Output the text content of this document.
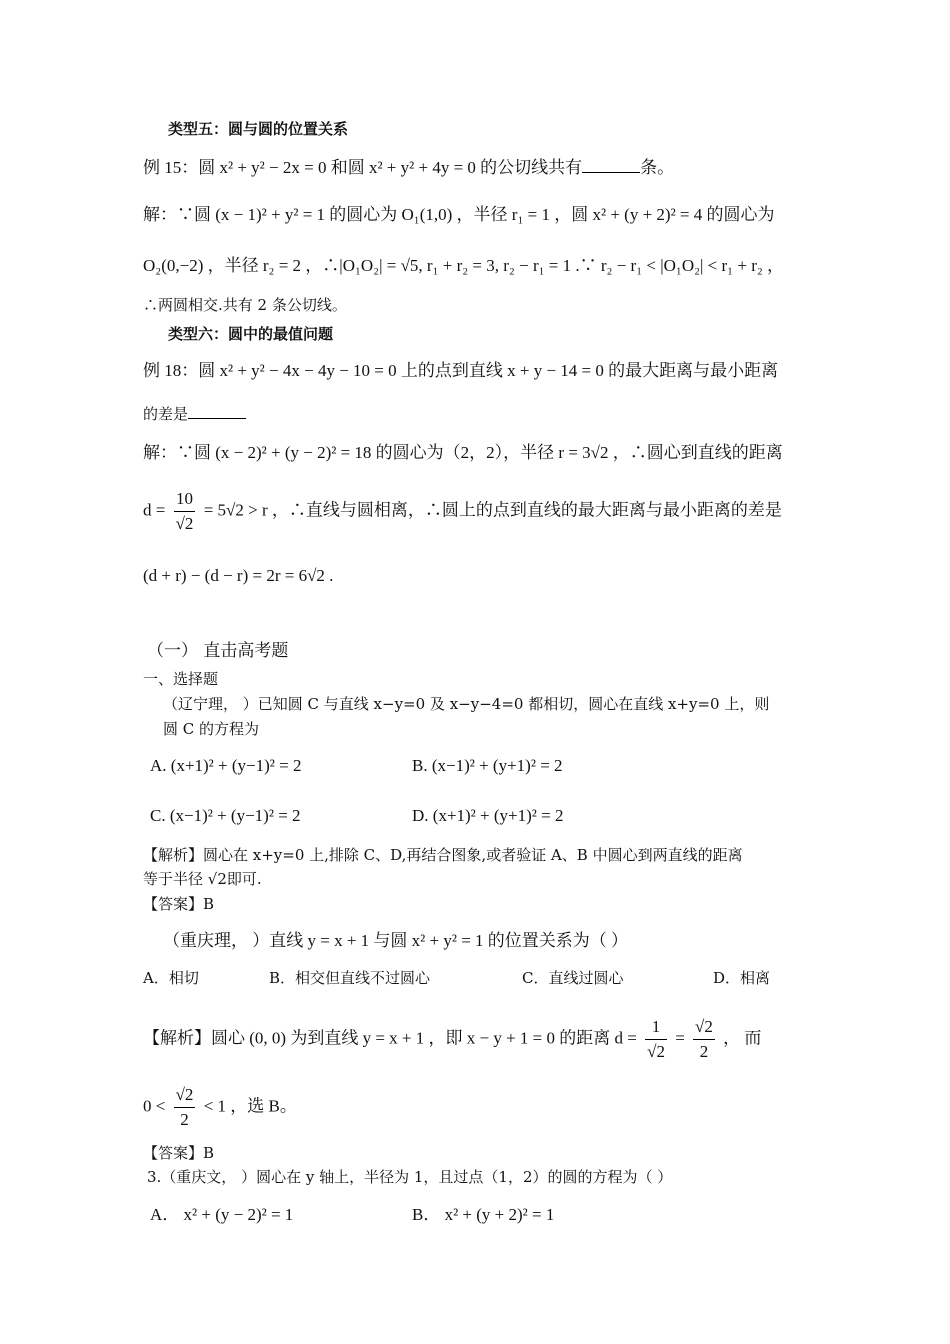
类型五：圆与圆的位置关系
例 15：圆 x² + y² − 2x = 0 和圆 x² + y² + 4y = 0 的公切线共有	条。
解：∵圆 (x − 1)² + y² = 1 的圆心为 O₁(1,0) ，半径 r₁ = 1 ，圆 x² + (y + 2)² = 4 的圆心为
O₂(0,−2) ，半径 r₂ = 2 ，∴|O₁O₂| = √5, r₁ + r₂ = 3, r₂ − r₁ = 1 .∵ r₂ − r₁ < |O₁O₂| < r₁ + r₂ ，
∴两圆相交.共有 2 条公切线。
类型六：圆中的最值问题
例 18：圆 x² + y² − 4x − 4y − 10 = 0 上的点到直线 x + y − 14 = 0 的最大距离与最小距离
的差是
解：∵圆 (x − 2)² + (y − 2)² = 18 的圆心为（2，2），半径 r = 3√2 ，∴圆心到直线的距离
$d = \frac{10}{√2} = 5√2 > r$ ，∴直线与圆相离，∴圆上的点到直线的最大距离与最小距离的差是
(d + r) − (d − r) = 2r = 6√2 .
（一） 直击高考题
一、选择题
（辽宁理， ）已知圆 C 与直线 x−y=0 及 x−y−4=0 都相切，圆心在直线 x+y=0 上，则
圆 C 的方程为
A. (x+1)² + (y−1)² = 2	B. (x−1)² + (y+1)² = 2
C. (x−1)² + (y−1)² = 2	D. (x+1)² + (y+1)² = 2
【解析】圆心在 x+y=0 上,排除 C、D,再结合图象,或者验证 A、B 中圆心到两直线的距离
等于半径 √2即可.
【答案】B
（重庆理， ）直线 y = x + 1 与圆 x² + y² = 1 的位置关系为（ ）
A．相切	B．相交但直线不过圆心	C．直线过圆心	D．相离
【解析】圆心 (0, 0) 为到直线 y = x + 1 ，即 x − y + 1 = 0 的距离 $d = \frac{1}{√2} = \frac{√2}{2}$ ， 而
$0 < \frac{√2}{2} < 1$ ，选 B。
【答案】B
3.（重庆文， ）圆心在 y 轴上，半径为 1，且过点（1，2）的圆的方程为（ ）
A． x² + (y − 2)² = 1	B． x² + (y + 2)² = 1
